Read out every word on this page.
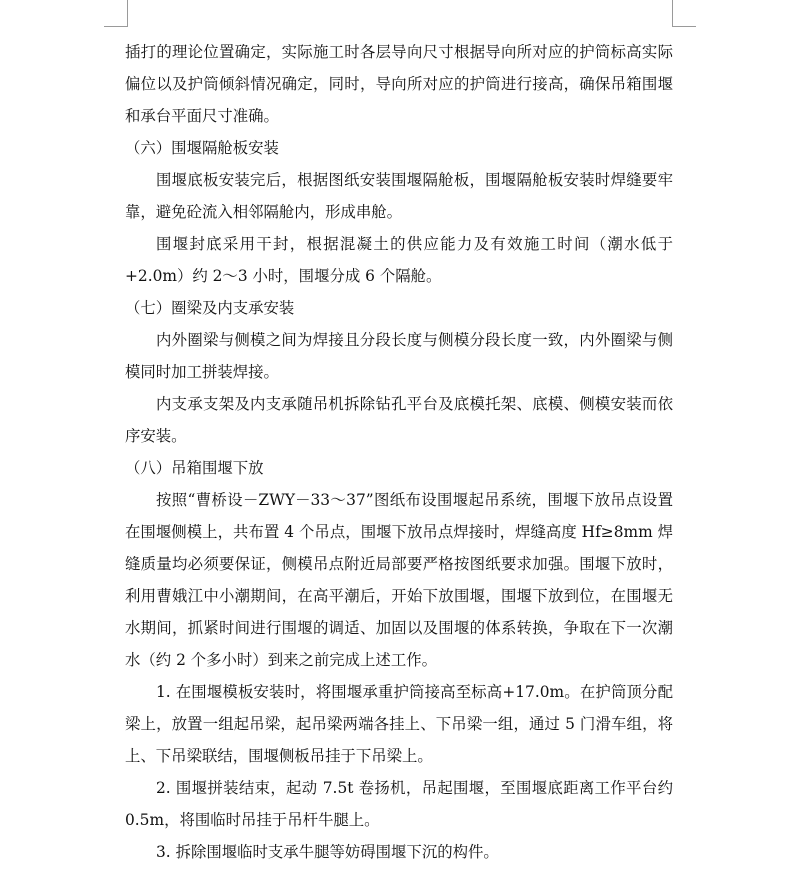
插打的理论位置确定，实际施工时各层导向尺寸根据导向所对应的护筒标高实际偏位以及护筒倾斜情况确定，同时，导向所对应的护筒进行接高，确保吊箱围堰和承台平面尺寸准确。

（六）围堰隔舱板安装

围堰底板安装完后，根据图纸安装围堰隔舱板，围堰隔舱板安装时焊缝要牢靠，避免砼流入相邻隔舱内，形成串舱。

围堰封底采用干封，根据混凝土的供应能力及有效施工时间（潮水低于+2.0m）约 2～3 小时，围堰分成 6 个隔舱。

（七）圈梁及内支承安装

内外圈梁与侧模之间为焊接且分段长度与侧模分段长度一致，内外圈梁与侧模同时加工拼装焊接。

内支承支架及内支承随吊机拆除钻孔平台及底模托架、底模、侧模安装而依序安装。

（八）吊箱围堰下放

按照“曹桥设－ZWY－33～37”图纸布设围堰起吊系统，围堰下放吊点设置在围堰侧模上，共布置 4 个吊点，围堰下放吊点焊接时，焊缝高度 Hf≥8mm 焊缝质量均必须要保证，侧模吊点附近局部要严格按图纸要求加强。围堰下放时，利用曹娥江中小潮期间，在高平潮后，开始下放围堰，围堰下放到位，在围堰无水期间，抓紧时间进行围堰的调适、加固以及围堰的体系转换，争取在下一次潮水（约 2 个多小时）到来之前完成上述工作。

1. 在围堰模板安装时，将围堰承重护筒接高至标高+17.0m。在护筒顶分配梁上，放置一组起吊梁，起吊梁两端各挂上、下吊梁一组，通过 5 门滑车组，将上、下吊梁联结，围堰侧板吊挂于下吊梁上。

2. 围堰拼装结束，起动 7.5t 卷扬机，吊起围堰，至围堰底距离工作平台约 0.5m，将围临时吊挂于吊杆牛腿上。

3. 拆除围堰临时支承牛腿等妨碍围堰下沉的构件。
